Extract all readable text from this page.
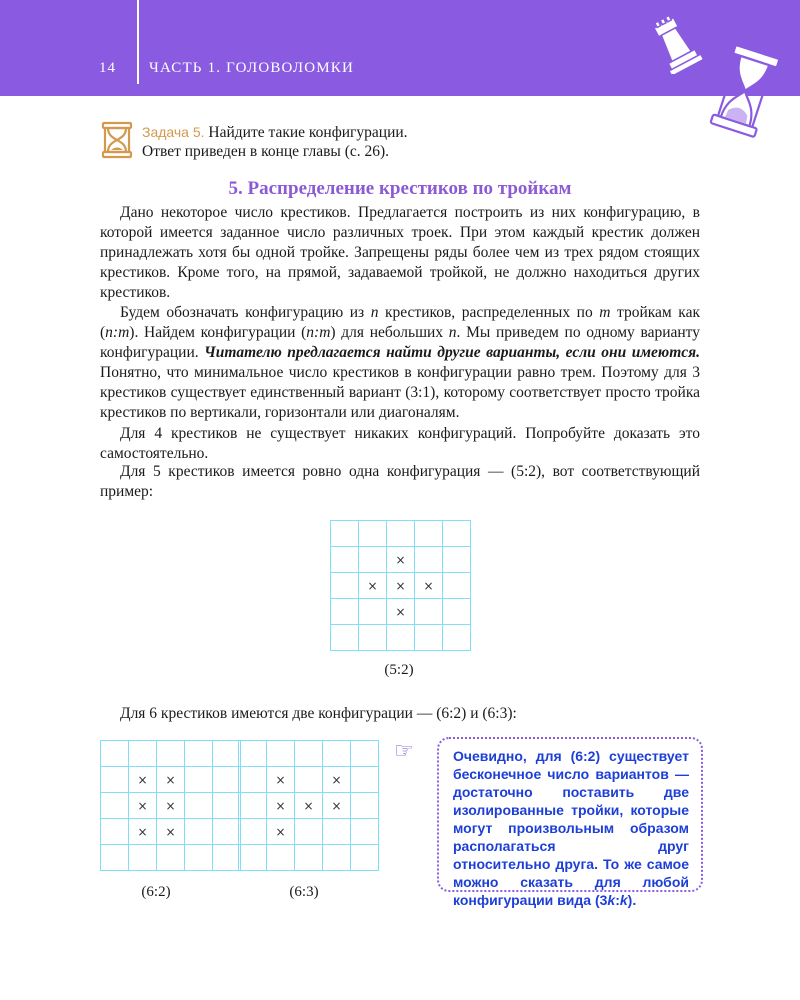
14 ЧАСТЬ 1. ГОЛОВОЛОМКИ
Задача 5. Найдите такие конфигурации.
Ответ приведен в конце главы (с. 26).
5. Распределение крестиков по тройкам

Дано некоторое число крестиков. Предлагается построить из них конфигурацию, в которой имеется заданное число различных троек. При этом каждый крестик должен принадлежать хотя бы одной тройке. Запрещены ряды более чем из трех рядом стоящих крестиков. Кроме того, на прямой, задаваемой тройкой, не должно находиться других крестиков.

Будем обозначать конфигурацию из n крестиков, распределенных по m тройкам как (n:m). Найдем конфигурации (n:m) для небольших n. Мы приведем по одному варианту конфигурации. Читателю предлагается найти другие варианты, если они имеются. Понятно, что минимальное число крестиков в конфигурации равно трем. Поэтому для 3 крестиков существует единственный вариант (3:1), которому соответствует просто тройка крестиков по вертикали, горизонтали или диагоналям.

Для 4 крестиков не существует никаких конфигураций. Попробуйте доказать это самостоятельно.

Для 5 крестиков имеется ровно одна конфигурация — (5:2), вот соответствующий пример:

		×		
	×	×	×	
		×		

(5:2)

Для 6 крестиков имеются две конфигурации — (6:2) и (6:3):

	×	×		
	×	×		
	×	×		

(6:2)

	×		×	
	×	×	×	
	×			

(6:3)
☞	Очевидно, для (6:2) существует бесконечное число вариантов — достаточно поставить две изолированные тройки, которые могут произвольным образом располагаться друг относительно друга. То же самое можно сказать для любой конфигурации вида (3k:k).
